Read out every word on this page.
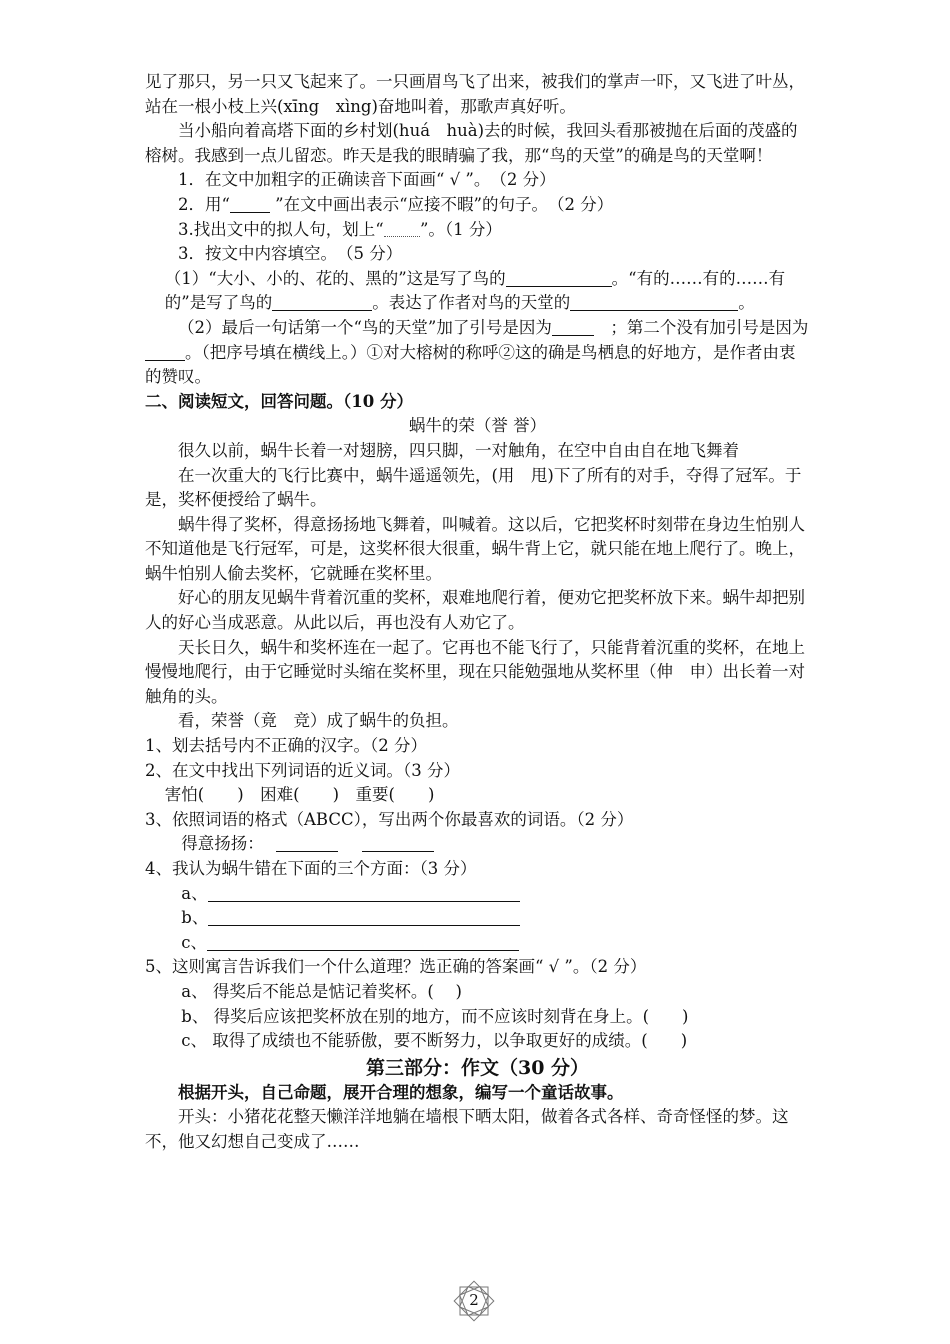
见了那只，另一只又飞起来了。一只画眉鸟飞了出来，被我们的掌声一吓，又飞进了叶丛，站在一根小枝上兴(xīng　xìng)奋地叫着，那歌声真好听。

当小船向着高塔下面的乡村划(huá　huà)去的时候，我回头看那被抛在后面的茂盛的榕树。我感到一点儿留恋。昨天是我的眼睛骗了我，那“鸟的天堂”的确是鸟的天堂啊！

1．在文中加粗字的正确读音下面画“ √ ”。　（2 分）

2．用“ ”在文中画出表示“应接不暇”的句子。　（2 分）

3.找出文中的拟人句，划上“ ”。（1 分）

3．按文中内容填空。　（5 分）

（1）“大小、小的、花的、黑的”这是写了鸟的	。“有的……有的……有的”是写了鸟的	。表达了作者对鸟的天堂的	。

（2）最后一句话第一个“鸟的天堂”加了引号是因为　	；第二个没有加引号是因为。（把序号填在横线上。）①对大榕树的称呼②这的确是鸟栖息的好地方，是作者由衷的赞叹。

二、阅读短文，回答问题。（10 分）

蜗牛的荣（誉 誉）

很久以前，蜗牛长着一对翅膀，四只脚，一对触角，在空中自由自在地飞舞着

在一次重大的飞行比赛中，蜗牛遥遥领先，(用　甩)下了所有的对手，夺得了冠军。于是，奖杯便授给了蜗牛。

蜗牛得了奖杯，得意扬扬地飞舞着，叫喊着。这以后，它把奖杯时刻带在身边生怕别人不知道他是飞行冠军，可是，这奖杯很大很重，蜗牛背上它，就只能在地上爬行了。晚上，蜗牛怕别人偷去奖杯，它就睡在奖杯里。

好心的朋友见蜗牛背着沉重的奖杯，艰难地爬行着，便劝它把奖杯放下来。蜗牛却把别人的好心当成恶意。从此以后，再也没有人劝它了。

天长日久，蜗牛和奖杯连在一起了。它再也不能飞行了，只能背着沉重的奖杯，在地上慢慢地爬行，由于它睡觉时头缩在奖杯里，现在只能勉强地从奖杯里（伸　申）出长着一对触角的头。

看，荣誉（竟　竞）成了蜗牛的负担。

1、划去括号内不正确的汉字。（2 分）

2、在文中找出下列词语的近义词。（3 分）

害怕(　　)　困难(　　)　重要(　　)

3、依照词语的格式（ABCC），写出两个你最喜欢的词语。（2 分）

得意扬扬：

4、我认为蜗牛错在下面的三个方面：（3 分）

a、

b、

c、

5、这则寓言告诉我们一个什么道理？选正确的答案画“ √ ”。（2 分）

a、 得奖后不能总是惦记着奖杯。(　 )

b、 得奖后应该把奖杯放在别的地方，而不应该时刻背在身上。(　　)

c、 取得了成绩也不能骄傲，要不断努力，以争取更好的成绩。(　　)

第三部分：作文（30 分）

根据开头，自己命题，展开合理的想象，编写一个童话故事。

开头：小猪花花整天懒洋洋地躺在墙根下晒太阳，做着各式各样、奇奇怪怪的梦。这不，他又幻想自己变成了……

2
